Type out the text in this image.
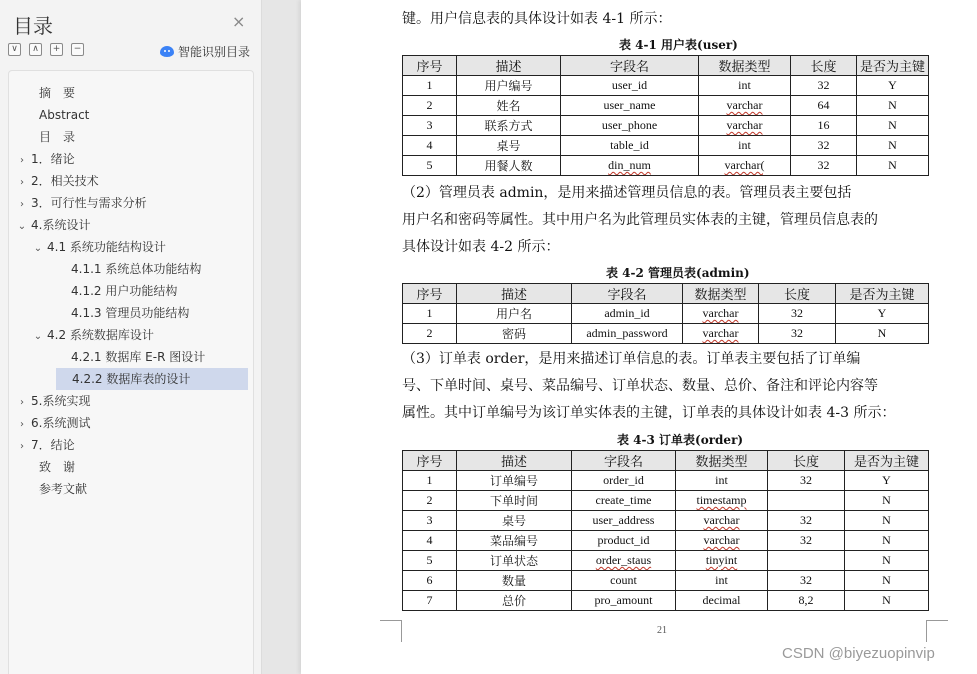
目录	×
∨	∧	+	−	智能识别目录
摘　要
Abstract
目　录
› 1．绪论
› 2．相关技术
› 3．可行性与需求分析
⌄ 4.系统设计
⌄ 4.1 系统功能结构设计
4.1.1 系统总体功能结构
4.1.2 用户功能结构
4.1.3 管理员功能结构
⌄ 4.2 系统数据库设计
4.2.1 数据库 E-R 图设计
4.2.2 数据库表的设计
› 5.系统实现
› 6.系统测试
› 7．结论
致　谢
参考文献
键。用户信息表的具体设计如表 4-1 所示：
表 4-1 用户表(user)
序号	描述	字段名	数据类型	长度	是否为主键
1	用户编号	user_id	int	32	Y
2	姓名	user_name	varchar	64	N
3	联系方式	user_phone	varchar	16	N
4	桌号	table_id	int	32	N
5	用餐人数	din_num	varchar(	32	N
（2）管理员表 admin，是用来描述管理员信息的表。管理员表主要包括
用户名和密码等属性。其中用户名为此管理员实体表的主键，管理员信息表的
具体设计如表 4-2 所示：
表 4-2 管理员表(admin)
序号	描述	字段名	数据类型	长度	是否为主键
1	用户名	admin_id	varchar	32	Y
2	密码	admin_password	varchar	32	N
（3）订单表 order，是用来描述订单信息的表。订单表主要包括了订单编
号、下单时间、桌号、菜品编号、订单状态、数量、总价、备注和评论内容等
属性。其中订单编号为该订单实体表的主键，订单表的具体设计如表 4-3 所示：
表 4-3 订单表(order)
序号	描述	字段名	数据类型	长度	是否为主键
1	订单编号	order_id	int	32	Y
2	下单时间	create_time	timestamp		N
3	桌号	user_address	varchar	32	N
4	菜品编号	product_id	varchar	32	N
5	订单状态	order_staus	tinyint		N
6	数量	count	int	32	N
7	总价	pro_amount	decimal	8,2	N
21
CSDN @biyezuopinvip
